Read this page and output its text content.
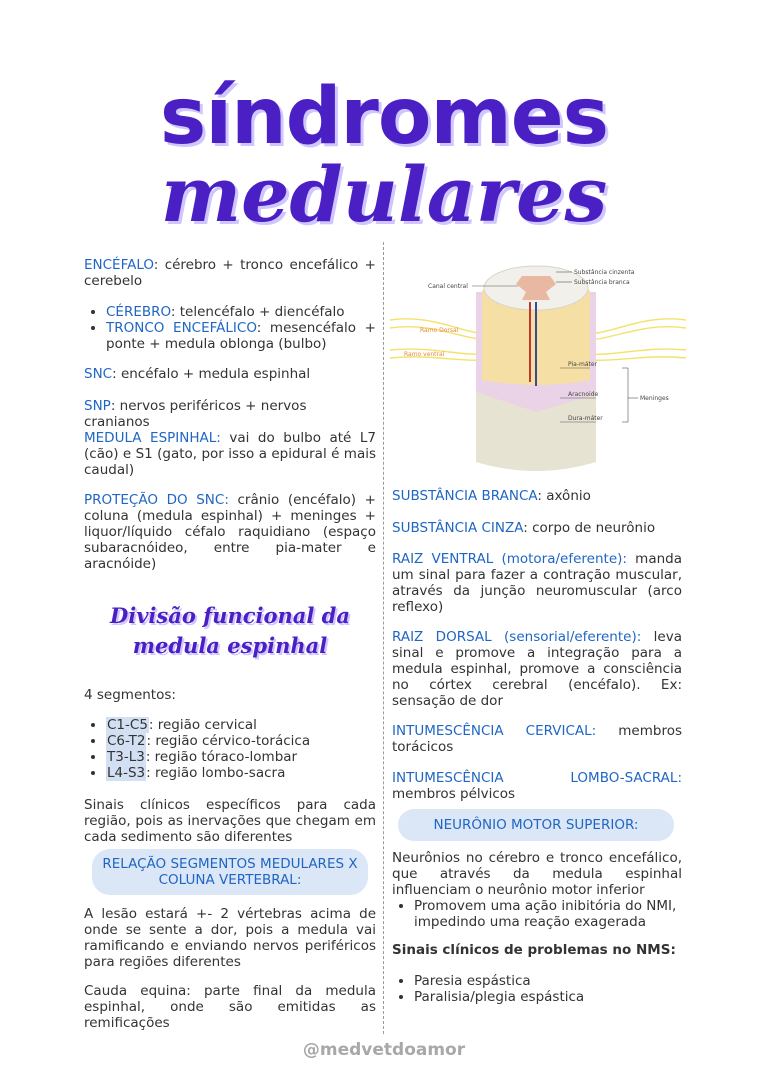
síndromes
medulares

ENCÉFALO: cérebro + tronco encefálico + cerebelo

• CÉREBRO: telencéfalo + diencéfalo
• TRONCO ENCEFÁLICO: mesencéfalo + ponte + medula oblonga (bulbo)
SNC: encéfalo + medula espinhal
SNP: nervos periféricos + nervos cranianos
MEDULA ESPINHAL: vai do bulbo até L7 (cão) e S1 (gato, por isso a epidural é mais caudal)
PROTEÇÃO DO SNC: crânio (encéfalo) + coluna (medula espinhal) + meninges + liquor/líquido céfalo raquidiano (espaço subaracnóideo, entre pia-mater e aracnóide)
Divisão funcional da
medula espinhal
4 segmentos:
• C1-C5: região cervical
• C6-T2: região cérvico-torácica
• T3-L3: região tóraco-lombar
• L4-S3: região lombo-sacra
Sinais clínicos específicos para cada região, pois as inervações que chegam em cada sedimento são diferentes
RELAÇÃO SEGMENTOS MEDULARES X
COLUNA VERTEBRAL:
A lesão estará +- 2 vértebras acima de onde se sente a dor, pois a medula vai ramificando e enviando nervos periféricos para regiões diferentes
Cauda equina: parte final da medula espinhal, onde são emitidas as remificações
Canal central
Substância cinzenta
Substância branca
Ramo Dorsal
Ramo ventral
Pia-máter
Aracnoide
Dura-máter
Meninges
SUBSTÂNCIA BRANCA: axônio
SUBSTÂNCIA CINZA: corpo de neurônio
RAIZ VENTRAL (motora/eferente): manda um sinal para fazer a contração muscular, através da junção neuromuscular (arco reflexo)
RAIZ DORSAL (sensorial/eferente): leva sinal e promove a integração para a medula espinhal, promove a consciência no córtex cerebral (encéfalo). Ex: sensação de dor
INTUMESCÊNCIA CERVICAL: membros torácicos
INTUMESCÊNCIA LOMBO-SACRAL: membros pélvicos
NEURÔNIO MOTOR SUPERIOR:
Neurônios no cérebro e tronco encefálico, que através da medula espinhal influenciam o neurônio motor inferior
• Promovem uma ação inibitória do NMI, impedindo uma reação exagerada
Sinais clínicos de problemas no NMS:
• Paresia espástica
• Paralisia/plegia espástica
@medvetdoamor
